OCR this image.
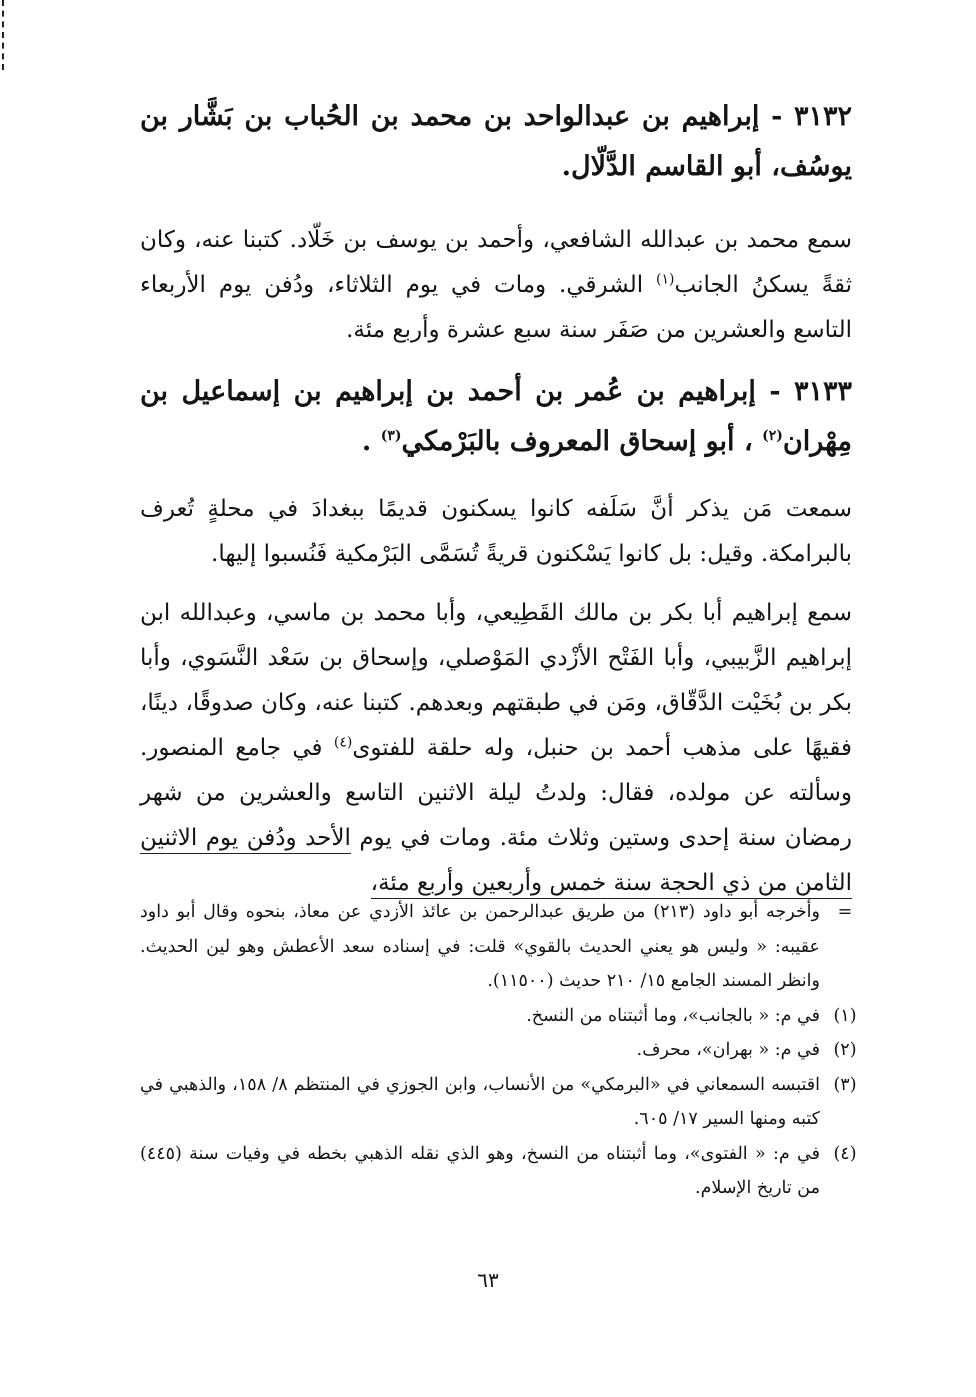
٣١٣٢ - إبراهيم بن عبدالواحد بن محمد بن الحُباب بن بَشَّار بن يوسُف، أبو القاسم الدَّلّال.

سمع محمد بن عبدالله الشافعي، وأحمد بن يوسف بن خَلّاد. كتبنا عنه، وكان ثقةً يسكنُ الجانب$^{(١)}$ الشرقي. ومات في يوم الثلاثاء، ودُفن يوم الأربعاء التاسع والعشرين من صَفَر سنة سبع عشرة وأربع مئة.

٣١٣٣ - إبراهيم بن عُمر بن أحمد بن إبراهيم بن إسماعيل بن مِهْران$^{(٢)}$ ، أبو إسحاق المعروف بالبَرْمكي$^{(٣)}$ .

سمعت مَن يذكر أنَّ سَلَفه كانوا يسكنون قديمًا ببغدادَ في محلةٍ تُعرف بالبرامكة. وقيل: بل كانوا يَسْكنون قريةً تُسَمَّى البَرْمكية فَنُسبوا إليها.

سمع إبراهيم أبا بكر بن مالك القَطِيعي، وأبا محمد بن ماسي، وعبدالله ابن إبراهيم الزَّبيبي، وأبا الفَتْح الأزْدي المَوْصلي، وإسحاق بن سَعْد النَّسَوي، وأبا بكر بن بُخَيْت الدَّقّاق، ومَن في طبقتهم وبعدهم. كتبنا عنه، وكان صدوقًا، دينًا، فقيهًا على مذهب أحمد بن حنبل، وله حلقة للفتوى$^{(٤)}$ في جامع المنصور. وسألته عن مولده، فقال: ولدتُ ليلة الاثنين التاسع والعشرين من شهر رمضان سنة إحدى وستين وثلاث مئة. ومات في يوم الأحد ودُفن يوم الاثنين الثامن من ذي الحجة سنة خمس وأربعين وأربع مئة،

=
وأخرجه أبو داود (٢١٣) من طريق عبدالرحمن بن عائذ الأزدي عن معاذ، بنحوه وقال أبو داود عقيبه: « وليس هو يعني الحديث بالقوي» قلت: في إسناده سعد الأعطش وهو لين الحديث. وانظر المسند الجامع ١٥/ ٢١٠ حديث (١١٥٠٠).
(١)
في م: « بالجانب»، وما أثبتناه من النسخ.
(٢)
في م: « بهران»، محرف.
(٣)
اقتبسه السمعاني في «البرمكي» من الأنساب، وابن الجوزي في المنتظم ٨/ ١٥٨، والذهبي في كتبه ومنها السير ١٧/ ٦٠٥.
(٤)
في م: « الفتوى»، وما أثبتناه من النسخ، وهو الذي نقله الذهبي بخطه في وفيات سنة (٤٤٥) من تاريخ الإسلام.
٦٣
